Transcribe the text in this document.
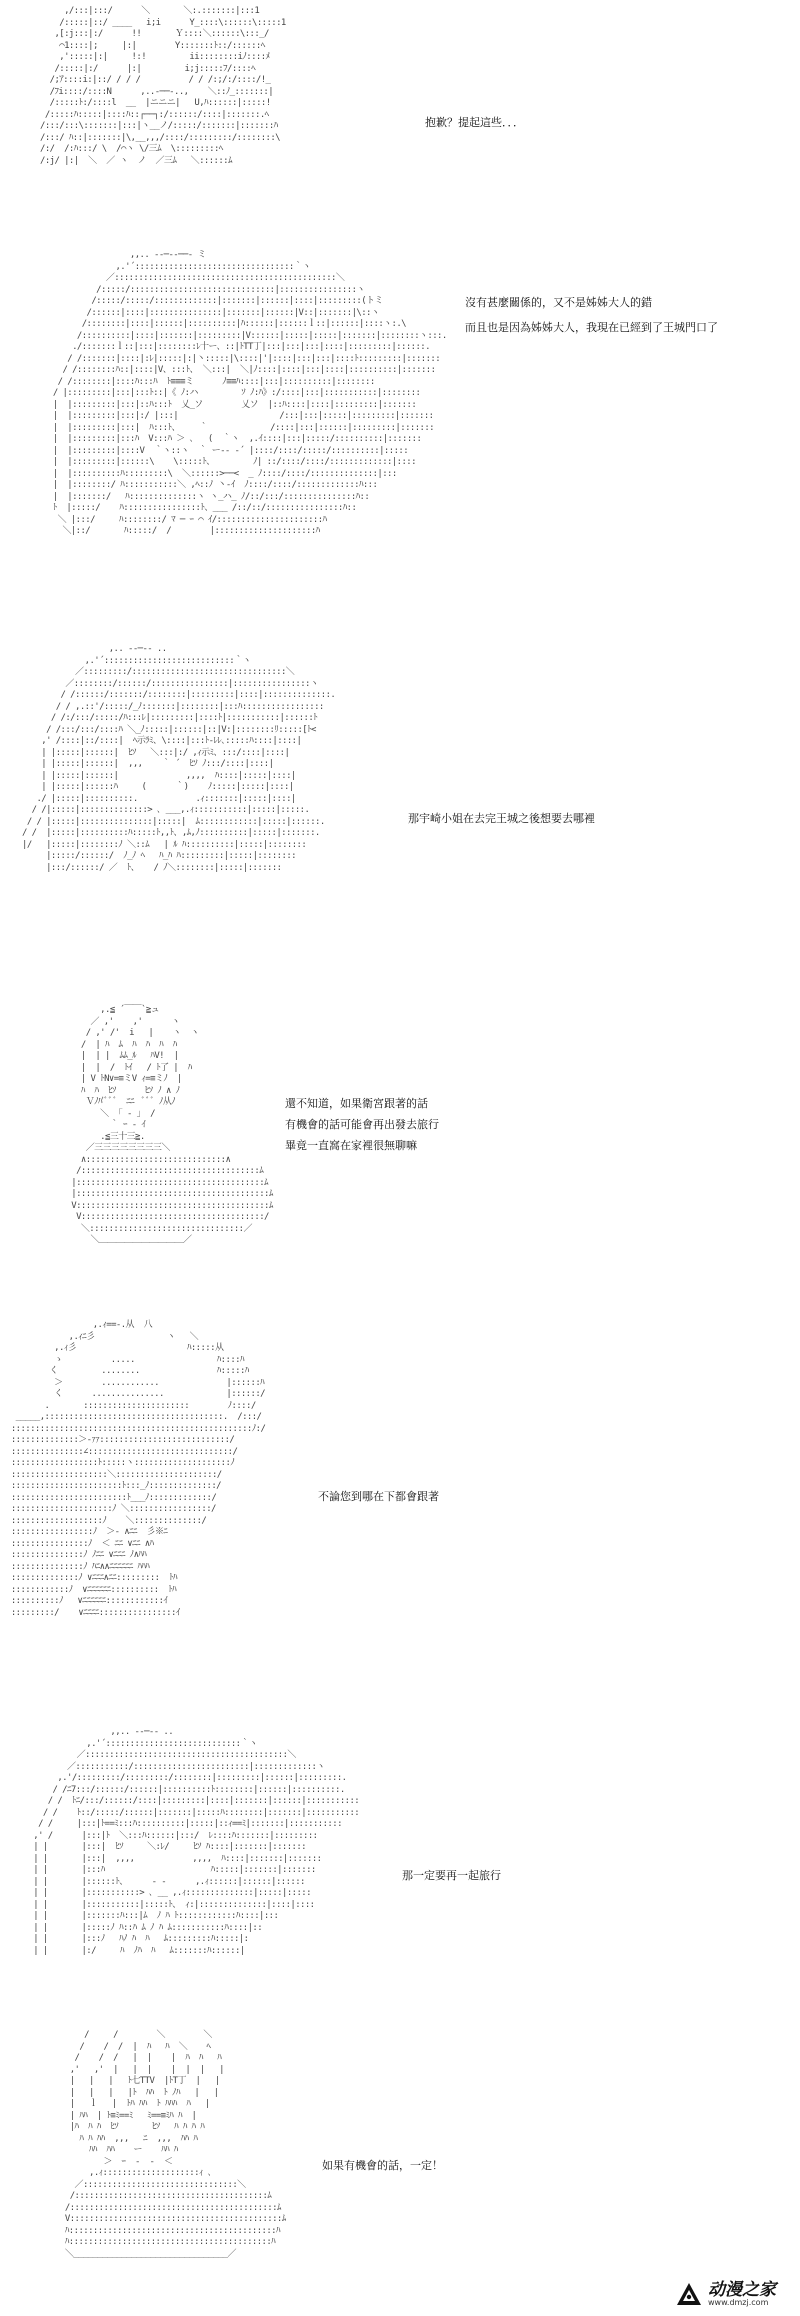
,/:::|:::/      ＼       ＼:.:::::::|:::1
/:::::|::/ ____   i;i      Y_::::\::::::\:::::1
,[:j:::|:/      !!       Ｙ::::＼::::::\:::_/
⌒1::::|;     |:|        Y:::::::ﾄ::/::::::ﾍ
,':::::|:|     !:!         ii::::::::iﾉ::::ﾒ
/:::::|:/      |:|         i;j:::::ﾌ/::::ﾍ
/;ｱ::::i:|::/ / / /          / / /:;/:/::::/!_
/ﾌi::::/::::N      ,..-──-..,    ＼::ﾉ_:::::::|
/:::::ﾄ:/::::l  __  |ニニニ|   U,ﾊ::::::|:::::!
/:::::ﾊ:::::|::::ﾊ::┌──┐:/::::::/::::|:::::::.ﾍ
/:::/:::\:::::::|:::|ヽ__ノ/:::::/:::::::|:::::::ﾊ
/:::/ ﾊ::|:::::::|\,__,,,/::::/:::::::::/::::::::\
/:/  /:ﾊ:::/ \  /⌒ヽ \/三ﾑ  \:::::::::ﾍ
/:j/ |:|  ＼  ／ ヽ  ノ  ／三ﾑ   ＼::::::ﾑ
抱歉？提起這些．．．
,,.. -‐─--──- ミ
,.'´:::::::::::::::::::::::::::::::::｀ヽ
／::::::::::::::::::::::::::::::::::::::::::::::＼
/:::::/::::::::::::::::::::::::::::::|::::::::::::::::ヽ
/:::::/:::::/:::::::::::::|:::::::|::::::|::::|:::::::::(トミ
/::::::|::::|:::::::::::::::|:::::::|::::::|V::|:::::::|\::ヽ
/::::::::|::::|::::::|::::::::::|ﾊ::::::|::::::ｌ::|::::::|::::ヽ:.\
/::::::::::|::::|:::::::|:::::::::|V::::::|:::::|:::::|:::::::|::::::::ヽ:::.
./:::::::ｌ::|:::|::::::::ﾚ十ー、::|ﾄTT丁|:::|:::|:::|::::|:::::::::|::::::.
/ /:::::::|::::|:ﾚ|:::::|:|丶:::::|\::::|'|::::|:::|:::|::::ﾄ:::::::::|:::::::
/ /::::::::ﾊ::|::::|V、:::ﾄ、 ＼:::|  ＼|ﾉ::::|::::|:::|::::|::::::::::|:::::::
/ /::::::::|::::ﾊ:::ﾊ  ﾄ≡≡≡ミ      ﾉ≡≡ﾊ::::|:::|::::::::::|::::::::
/ |:::::::::|:::|:::ﾄ::|《 ﾉ:ハ         ｿ ﾉ:ﾊ》:/::::|:::|:::::::::::|::::::::
|  |:::::::::|:::|::ﾊ:::ﾄ  乂_ソ        乂ソ  |::ﾊ::::|::::|:::::::::|:::::::
|  |:::::::::|:::|:/ |:::|                     /:::|:::|:::::|:::::::::|:::::::
|  |:::::::::|:::|  ﾊ:::ﾄ、    ｀             /::::|:::|::::::|:::::::::|:::::::
|  |:::::::::|:::ﾊ  V:::ﾊ ＞ ､   (  ｀ヽ  ,.ｲ::::|:::|:::::/::::::::::|:::::::
|  |:::::::::|::::V  ｀ヽ::ヽ  ｀ ー-- ‐´ |::::/::::/:::::/::::::::::|:::::
|  |:::::::::|::::::\    \:::::ﾄ、        ﾉ| ::/::::/::::/:::::::::::::|::::
|  |::::::::::ﾊ:::::::::\  ＼::::::>──<  _ ﾉ::::/::::/::::::::::::::|:::
|  |::::::::/ ﾊ:::::::::::＼ ,ﾍ::ﾉ 丶-ｲ  ﾉ::::/::::/:::::::::::::ﾊ:::
|  |:::::::/   ﾊ::::::::::::::ヽ ヽ_ハ_ ﾉ/::/:::/:::::::::::::::ﾊ::
ﾄ  |:::::/    ﾊ::::::::::::::::ﾄ、___ /::/::/::::::::::::::::ﾊ::
＼ |:::/     ﾊ::::::::/ ﾏ ─ ｰ ⌒ ｲ/::::::::::::::::::::::ﾊ
＼|::/       ﾊ:::::/  /        |:::::::::::::::::::::ﾊ
沒有甚麼關係的，又不是姊姊大人的錯
而且也是因為姊姊大人，我現在已經到了王城門口了
,.. -‐─‐- ..
,.'´:::::::::::::::::::::::::::｀ヽ
／:::::::::/::::::::::::::::::::::::::::::::＼
／::::::::/::::::/::::::::::::::::|::::::::::::::::ヽ
/ /::::::/:::::::/::::::::|:::::::::|::::|::::::::::::::.
/ / ,.::'/:::::/_ﾉ:::::::|::::::::|:::ﾊ:::::::::::::::::
/ /:/:::/:::::/ﾊ:::ﾚ|:::::::::|::::ﾄ|:::::::::::|::::::ﾄ
/ /:::/:::/::::ﾊ ＼_ﾉ:::::|::::::|::|V:|::::::::ﾘ:::::[ﾄ<
,' /::::|::/::::|  ﾍ示ﾗﾐ、\::::|:::ﾄ-ﾚﾚ､:::::ﾊ::::|::::|
| |:::::|::::::|  ﾋｿ   ＼:::|:/ ,ｨ示ﾐ、:::/::::|::::|
| |:::::|::::::|  ,,,    ｀ ´  ﾋｿ ﾉ:::/::::|::::|
| |:::::|::::::|              ,,,,  ﾊ::::|:::::|::::|
| |:::::|::::::ﾊ     (      ｀)    ﾉ:::::|:::::|::::|
./ |:::::|::::::::::.            .ｨ:::::::|:::::|::::|
/ /|:::::|::::::::::::::> ､ ___,.ｨ:::::::::::|:::::|:::::.
/ / |:::::|:::::::::::::::|:::::|  ﾑ::::::::::::|:::::|::::::.
/ /  |:::::|::::::::::ﾊ:::::ﾄ,,ﾄ、,ﾑ,ﾉ::::::::::|:::::|:::::::.
|/   |:::::|::::::::ﾉ ＼::ﾑ   | ﾙ ﾊ::::::::::|:::::|::::::::
|:::::/::::::/  ﾉ_ﾉ ﾍ   ﾊ_ﾊ ﾊ:::::::::|:::::|::::::::
|:::/::::::/ ／  ﾄ、   / ﾉ＼::::::::|:::::|:::::::
那宇崎小姐在去完王城之後想要去哪裡
,.≦ ´￣￣`≧ュ
／ ,'    ,'      ヽ
/ ,' /'  i   |    ヽ  ヽ
/  | ﾊ  ﾑ  ﾊ  ﾊ  ﾊ  ﾊ
|  | |  ﾑﾑ_ﾙ   ﾊV!  |
|  |  /  ﾄｲ   / ﾄ了 |  ﾊ
| V ﾄN∨=≡ミV ｨ=≡ミﾉ  |
ﾊ  ﾊ  ﾋｿ      ﾋｿ ﾉ ∧ ﾉ
Ｖﾉﾊ'ﾞﾞﾞ  ﾆﾆ  ﾞﾞﾞ ﾉ从ﾉ
＼  ｢ ‐ ｣  /
｀ ｰ ‐ ｲ
.≦三十三≧.
／三三三三三三三三＼
∧:::::::::::::::::::::::::::::∧
/:::::::::::::::::::::::::::::::::::::ﾑ
|:::::::::::::::::::::::::::::::::::::::ﾑ
|::::::::::::::::::::::::::::::::::::::::ﾑ
V::::::::::::::::::::::::::::::::::::::::ﾑ
V::::::::::::::::::::::::::::::::::::::/
＼::::::::::::::::::::::::::::::::／
＼＿＿＿＿＿＿＿＿＿＿／
還不知道，如果衛宮跟著的話
有機會的話可能會再出發去旅行
畢竟一直窩在家裡很無聊嘛
,.ｨ==-.从  八
,.ｨﾆ彡               ヽ   ＼
,.ｨ彡                       ﾊ:::::从
ゝ          .....                 ﾊ::::ﾊ
く         ........                ﾊ:::::ﾊ
＞        ............              |::::::ﾊ
く      ...............             |::::::/
.       ::::::::::::::::::::::        ﾉ::::/
_____,:::::::::::::::::::::::::::::::::::::.  /:::/
::::::::::::::::::::::::::::::::::::::::::::::::::ﾉ:/
::::::::::::::＞-ｧｧ:::::::::::::::::::::::::::/
:::::::::::::::∠::::::::::::::::::::::::::::::/
::::::::::::::::::ﾄ:::::ヽ::::::::::::::::::::ﾉ
::::::::::::::::::::＼:::::::::::::::::::::/
:::::::::::::::::::::::ﾄ:::_ﾉ::::::::::::::/
::::::::::::::::::::::::ﾄ___ﾉ:::::::::::::/
:::::::::::::::::::::ﾉ ＼:::::::::::::::::/
:::::::::::::::::::ﾉ    ＼::::::::::::::/
:::::::::::::::::ﾉ  ＞- ∧ﾆﾆ  彡※ﾆ
::::::::::::::::ﾉ  ＜ ﾆﾆ ∨ﾆﾆ ∧ﾊ
:::::::::::::::ﾉ ﾉﾆﾆ ∨ﾆﾆﾆ ﾉ∧ﾊﾊ
:::::::::::::::ﾉ ﾊﾆ∧∧ﾆﾆﾆﾆﾆﾆ ﾊﾊﾊ
::::::::::::::ﾉ ∨ﾆﾆﾆ∧ﾆﾆ:::::::::  ﾄﾊ
::::::::::::ﾉ  ∨ﾆﾆﾆﾆﾆﾆ::::::::::  ﾄﾊ
::::::::::ﾉ   ∨ﾆﾆﾆﾆﾆﾆ::::::::::::ｲ
:::::::::/    ∨ﾆﾆﾆﾆ::::::::::::::::ｲ
不論您到哪在下都會跟著
,,.. -‐─-- ..
,.'´::::::::::::::::::::::::::::｀ヽ
／::::::::::::::::::::::::::::::::::::::::::＼
／:::::::::::/::::::::::::::::::::::::|:::::::::::::ヽ
,.'/:::::::::/:::::::::/::::::::|:::::::::|::::::|:::::::::.
/ /ﾆ7:::/::::::/::::::|::::::::::ﾄ::::::::|::::::|::::::::::.
/ /  ﾄﾆ/:::/::::::/::::|:::::::::|::::|:::::::|::::::|:::::::::::
/ /    ﾄ::/:::::/::::::|:::::::|:::::ﾊ::::::::|:::::::|:::::::::::
/ /     |:::|ﾄ==ﾐ:::ﾊ::::::::::|:::::|::ｨ==ﾐ|:::::::|:::::::::::
,' /      |:::|ﾄ  ＼:::ﾊ::::::|:::/  ﾚ::::ﾊ:::::::|:::::::::
| |       |:::|  ﾋｿ     ＼:ﾚ/     ﾋｿ ﾊ::::|:::::::|:::::::
| |       |:::|  ,,,,            ,,,,  ﾊ::::|:::::::|:::::::
| |       |:::ﾊ                      ﾊ:::::|:::::::|:::::::
| |       |::::::ﾄ、     ‐ -      ,.ｨ::::::|::::::|::::::
| |       |:::::::::::> ､ __ ,.ｨ::::::::::::::|:::::|:::::
| |       |:::::::::::|:::::ﾄ、 ｨ:|::::::::::::::|::::|::::
| |       |:::::::ﾊ:::|ﾑ  ﾉ ﾊ ﾄ::::::::::::ﾊ::::|:::
| |       |:::::ﾉ ﾊ::ﾊ ﾑ ﾉ ﾊ ﾑ:::::::::::ﾊ::::|::
| |       |:::ﾉ   ﾊﾉ ﾊ  ﾊ   ﾑ:::::::::ﾊ:::::|:
| |       |:/     ﾊ  ﾉﾊ  ﾊ   ﾑ:::::::ﾊ::::::|
那一定要再一起旅行
/     /        ＼        ＼
/    /  /  |  ﾊ   ﾊ  ＼    ﾍ
/    /  /   |  |    |  ﾊ  ﾊ   ﾊ
,'   ,'  |   |  |    |  |  |   |
|   |   |   ﾄ七TTV  |ﾄT丁  |   |
|   |   |   |ﾄ  ﾊﾊ  ﾄ ﾉﾊ   |   |
|   ｌ   |  ﾄﾊ ﾊﾊ  ﾄ ﾊﾊﾊ  ﾊ   |
| ﾊﾊ  | ﾄ≡ﾐ==ﾐ   ﾐ==≡ﾐﾊ ﾊ  |
|ﾊ  ﾊ ﾊ  ﾋｿ       ﾋｿ   ﾊ ﾊ ﾊ ﾊ
ﾊ ﾊ ﾊﾊ  ,,,   ﾆ  ,,,  ﾊﾊ ﾊ
ﾊﾊ  ﾊﾊ    ー    ﾊﾊ ﾊ
＞  ｰ  ‐  ‐  ＜
,.ｨ::::::::::::::::::::ｨ ､
／::::::::::::::::::::::::::::::::＼
/::::::::::::::::::::::::::::::::::::::::ﾑ
/:::::::::::::::::::::::::::::::::::::::::::ﾑ
V::::::::::::::::::::::::::::::::::::::::::::ﾑ
ﾊ:::::::::::::::::::::::::::::::::::::::::::ﾊ
ﾊ::::::::::::::::::::::::::::::::::::::::::ﾊ
＼________________________________／
如果有機會的話，一定！
动漫之家
www.dmzj.com
